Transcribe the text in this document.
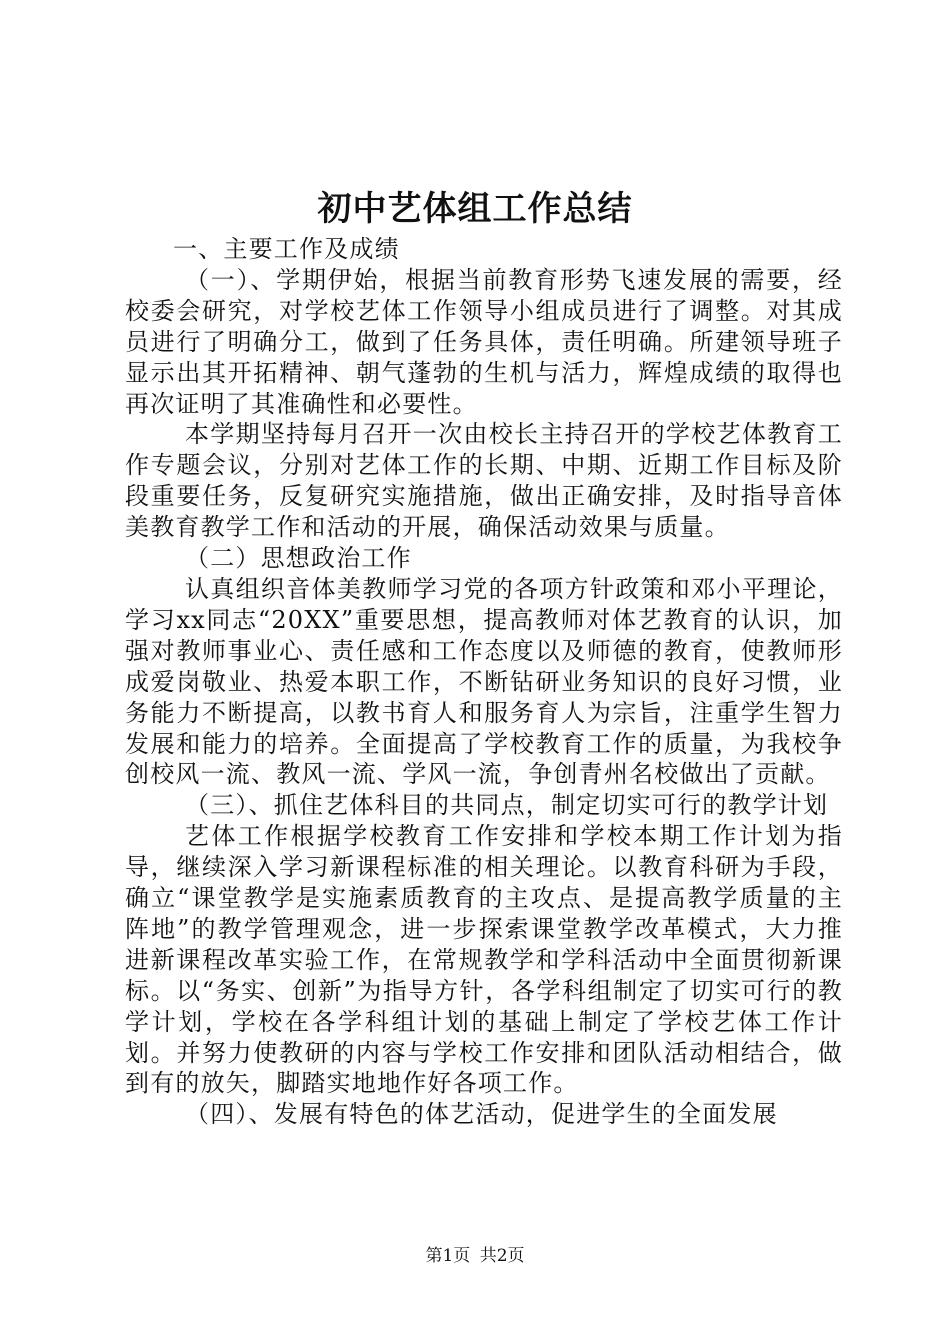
初中艺体组工作总结

一、主要工作及成绩

（一）、学期伊始，根据当前教育形势飞速发展的需要，经校委会研究，对学校艺体工作领导小组成员进行了调整。对其成员进行了明确分工，做到了任务具体，责任明确。所建领导班子显示出其开拓精神、朝气蓬勃的生机与活力，辉煌成绩的取得也再次证明了其准确性和必要性。

本学期坚持每月召开一次由校长主持召开的学校艺体教育工作专题会议，分别对艺体工作的长期、中期、近期工作目标及阶段重要任务，反复研究实施措施，做出正确安排，及时指导音体美教育教学工作和活动的开展，确保活动效果与质量。

（二）思想政治工作

认真组织音体美教师学习党的各项方针政策和邓小平理论，学习xx同志“20XX”重要思想，提高教师对体艺教育的认识，加强对教师事业心、责任感和工作态度以及师德的教育，使教师形成爱岗敬业、热爱本职工作，不断钻研业务知识的良好习惯，业务能力不断提高，以教书育人和服务育人为宗旨，注重学生智力发展和能力的培养。全面提高了学校教育工作的质量，为我校争创校风一流、教风一流、学风一流，争创青州名校做出了贡献。

（三）、抓住艺体科目的共同点，制定切实可行的教学计划

艺体工作根据学校教育工作安排和学校本期工作计划为指导，继续深入学习新课程标准的相关理论。以教育科研为手段，确立“课堂教学是实施素质教育的主攻点、是提高教学质量的主阵地”的教学管理观念，进一步探索课堂教学改革模式，大力推进新课程改革实验工作，在常规教学和学科活动中全面贯彻新课标。以“务实、创新”为指导方针，各学科组制定了切实可行的教学计划，学校在各学科组计划的基础上制定了学校艺体工作计划。并努力使教研的内容与学校工作安排和团队活动相结合，做到有的放矢，脚踏实地地作好各项工作。

（四）、发展有特色的体艺活动，促进学生的全面发展

第1页 共2页
